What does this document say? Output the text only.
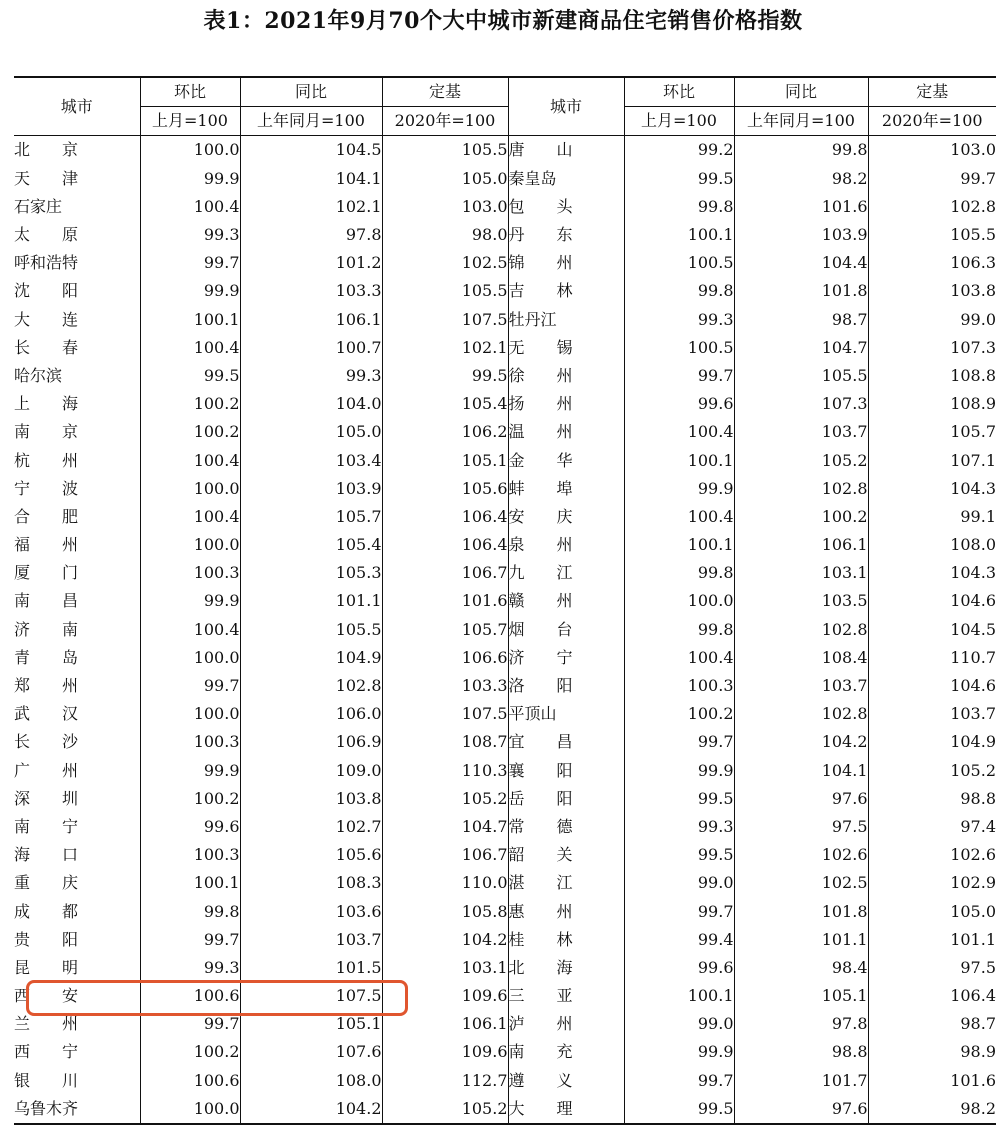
表1：2021年9月70个大中城市新建商品住宅销售价格指数
城市	环比	同比	定基	城市	环比	同比	定基
	上月=100	上年同月=100	2020年=100		上月=100	上年同月=100	2020年=100
北　　京	100.0	104.5	105.5	唐　　山	99.2	99.8	103.0
天　　津	99.9	104.1	105.0	秦皇岛	99.5	98.2	99.7
石家庄	100.4	102.1	103.0	包　　头	99.8	101.6	102.8
太　　原	99.3	97.8	98.0	丹　　东	100.1	103.9	105.5
呼和浩特	99.7	101.2	102.5	锦　　州	100.5	104.4	106.3
沈　　阳	99.9	103.3	105.5	吉　　林	99.8	101.8	103.8
大　　连	100.1	106.1	107.5	牡丹江	99.3	98.7	99.0
长　　春	100.4	100.7	102.1	无　　锡	100.5	104.7	107.3
哈尔滨	99.5	99.3	99.5	徐　　州	99.7	105.5	108.8
上　　海	100.2	104.0	105.4	扬　　州	99.6	107.3	108.9
南　　京	100.2	105.0	106.2	温　　州	100.4	103.7	105.7
杭　　州	100.4	103.4	105.1	金　　华	100.1	105.2	107.1
宁　　波	100.0	103.9	105.6	蚌　　埠	99.9	102.8	104.3
合　　肥	100.4	105.7	106.4	安　　庆	100.4	100.2	99.1
福　　州	100.0	105.4	106.4	泉　　州	100.1	106.1	108.0
厦　　门	100.3	105.3	106.7	九　　江	99.8	103.1	104.3
南　　昌	99.9	101.1	101.6	赣　　州	100.0	103.5	104.6
济　　南	100.4	105.5	105.7	烟　　台	99.8	102.8	104.5
青　　岛	100.0	104.9	106.6	济　　宁	100.4	108.4	110.7
郑　　州	99.7	102.8	103.3	洛　　阳	100.3	103.7	104.6
武　　汉	100.0	106.0	107.5	平顶山	100.2	102.8	103.7
长　　沙	100.3	106.9	108.7	宜　　昌	99.7	104.2	104.9
广　　州	99.9	109.0	110.3	襄　　阳	99.9	104.1	105.2
深　　圳	100.2	103.8	105.2	岳　　阳	99.5	97.6	98.8
南　　宁	99.6	102.7	104.7	常　　德	99.3	97.5	97.4
海　　口	100.3	105.6	106.7	韶　　关	99.5	102.6	102.6
重　　庆	100.1	108.3	110.0	湛　　江	99.0	102.5	102.9
成　　都	99.8	103.6	105.8	惠　　州	99.7	101.8	105.0
贵　　阳	99.7	103.7	104.2	桂　　林	99.4	101.1	101.1
昆　　明	99.3	101.5	103.1	北　　海	99.6	98.4	97.5
西　　安	100.6	107.5	109.6	三　　亚	100.1	105.1	106.4
兰　　州	99.7	105.1	106.1	泸　　州	99.0	97.8	98.7
西　　宁	100.2	107.6	109.6	南　　充	99.9	98.8	98.9
银　　川	100.6	108.0	112.7	遵　　义	99.7	101.7	101.6
乌鲁木齐	100.0	104.2	105.2	大　　理	99.5	97.6	98.2
